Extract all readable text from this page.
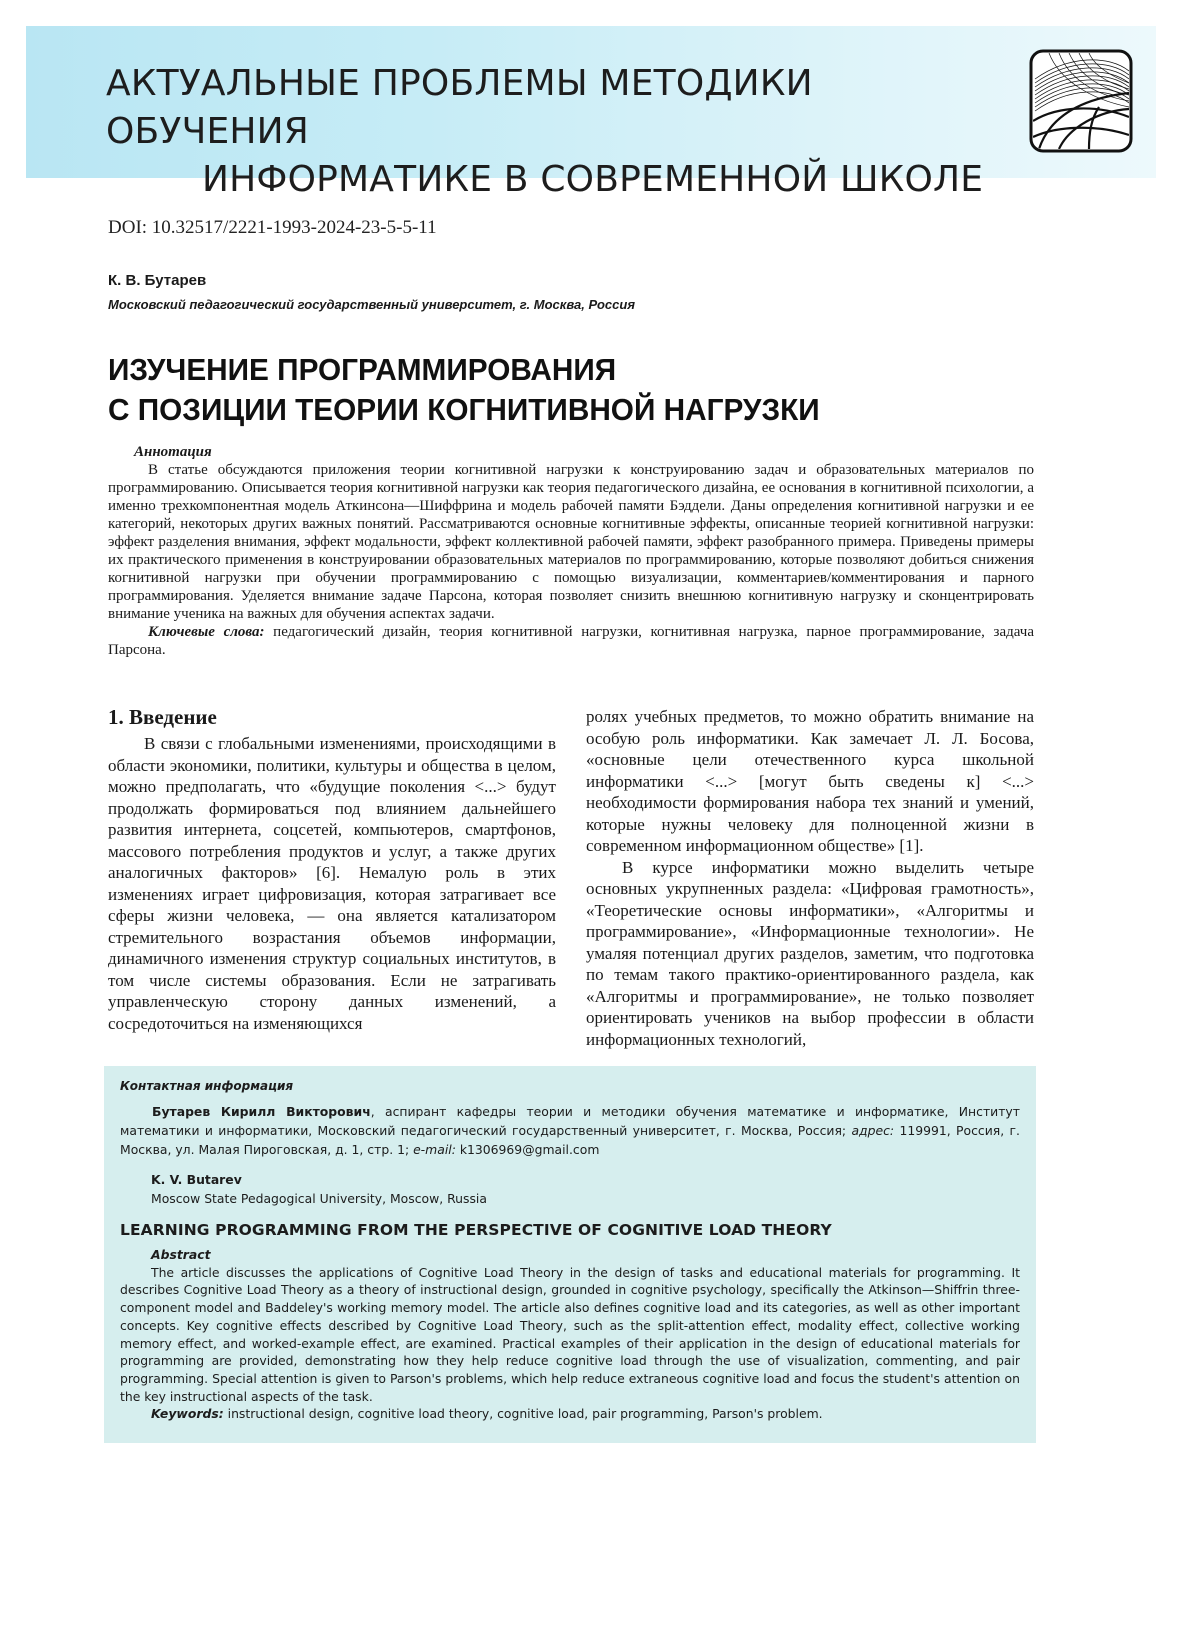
АКТУАЛЬНЫЕ ПРОБЛЕМЫ МЕТОДИКИ ОБУЧЕНИЯ
ИНФОРМАТИКЕ В СОВРЕМЕННОЙ ШКОЛЕ
DOI: 10.32517/2221-1993-2024-23-5-5-11
К. В. Бутарев
Московский педагогический государственный университет, г. Москва, Россия
ИЗУЧЕНИЕ ПРОГРАММИРОВАНИЯ
С ПОЗИЦИИ ТЕОРИИ КОГНИТИВНОЙ НАГРУЗКИ
Аннотация

В статье обсуждаются приложения теории когнитивной нагрузки к конструированию задач и образовательных материалов по программированию. Описывается теория когнитивной нагрузки как теория педагогического дизайна, ее основания в когнитивной психологии, а именно трехкомпонентная модель Аткинсона—Шиффрина и модель рабочей памяти Бэддели. Даны определения когнитивной нагрузки и ее категорий, некоторых других важных понятий. Рассматриваются основные когнитивные эффекты, описанные теорией когнитивной нагрузки: эффект разделения внимания, эффект модальности, эффект коллективной рабочей памяти, эффект разобранного примера. Приведены примеры их практического применения в конструировании образовательных материалов по программированию, которые позволяют добиться снижения когнитивной нагрузки при обучении программированию с помощью визуализации, комментариев/комментирования и парного программирования. Уделяется внимание задаче Парсона, которая позволяет снизить внешнюю когнитивную нагрузку и сконцентрировать внимание ученика на важных для обучения аспектах задачи.

Ключевые слова: педагогический дизайн, теория когнитивной нагрузки, когнитивная нагрузка, парное программирование, задача Парсона.

1. Введение

В связи с глобальными изменениями, происходящими в области экономики, политики, культуры и общества в целом, можно предполагать, что «будущие поколения <...> будут продолжать формироваться под влиянием дальнейшего развития интернета, соцсетей, компьютеров, смартфонов, массового потребления продуктов и услуг, а также других аналогичных факторов» [6]. Немалую роль в этих изменениях играет цифровизация, которая затрагивает все сферы жизни человека, — она является катализатором стремительного возрастания объемов информации, динамичного изменения структур социальных институтов, в том числе системы образования. Если не затрагивать управленческую сторону данных изменений, а сосредоточиться на изменяющихся

ролях учебных предметов, то можно обратить внимание на особую роль информатики. Как замечает Л. Л. Босова, «основные цели отечественного курса школьной информатики <...> [могут быть сведены к] <...> необходимости формирования набора тех знаний и умений, которые нужны человеку для полноценной жизни в современном информационном обществе» [1].

В курсе информатики можно выделить четыре основных укрупненных раздела: «Цифровая грамотность», «Теоретические основы информатики», «Алгоритмы и программирование», «Информационные технологии». Не умаляя потенциал других разделов, заметим, что подготовка по темам такого практико-ориентированного раздела, как «Алгоритмы и программирование», не только позволяет ориентировать учеников на выбор профессии в области информационных технологий,

Контактная информация

Бутарев Кирилл Викторович, аспирант кафедры теории и методики обучения математике и информатике, Институт математики и информатики, Московский педагогический государственный университет, г. Москва, Россия; адрес: 119991, Россия, г. Москва, ул. Малая Пироговская, д. 1, стр. 1; e-mail: k1306969@gmail.com

K. V. Butarev
Moscow State Pedagogical University, Moscow, Russia
LEARNING PROGRAMMING FROM THE PERSPECTIVE OF COGNITIVE LOAD THEORY
Abstract

The article discusses the applications of Cognitive Load Theory in the design of tasks and educational materials for programming. It describes Cognitive Load Theory as a theory of instructional design, grounded in cognitive psychology, specifically the Atkinson—Shiffrin three-component model and Baddeley's working memory model. The article also defines cognitive load and its categories, as well as other important concepts. Key cognitive effects described by Cognitive Load Theory, such as the split-attention effect, modality effect, collective working memory effect, and worked-example effect, are examined. Practical examples of their application in the design of educational materials for programming are provided, demonstrating how they help reduce cognitive load through the use of visualization, commenting, and pair programming. Special attention is given to Parson's problems, which help reduce extraneous cognitive load and focus the student's attention on the key instructional aspects of the task.

Keywords: instructional design, cognitive load theory, cognitive load, pair programming, Parson's problem.
